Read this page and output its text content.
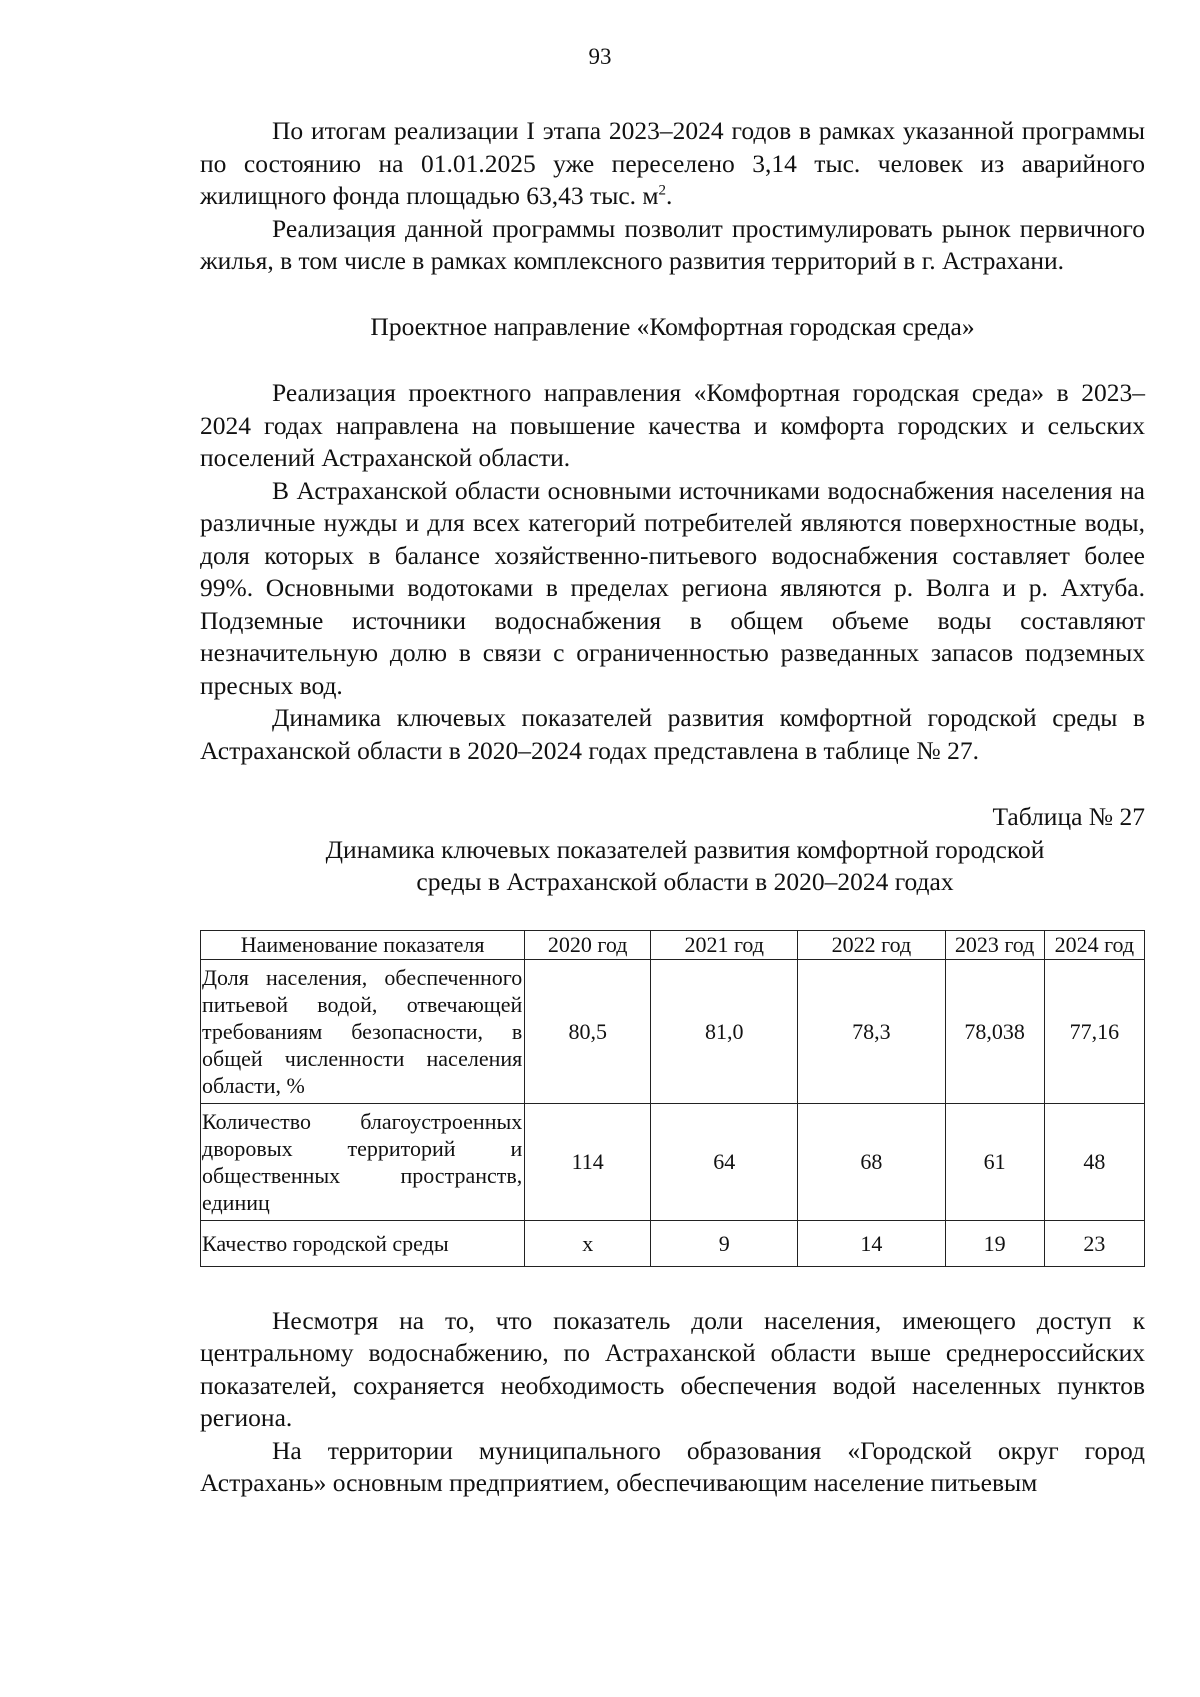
93

По итогам реализации I этапа 2023–2024 годов в рамках указанной программы по состоянию на 01.01.2025 уже переселено 3,14 тыс. человек из аварийного жилищного фонда площадью 63,43 тыс. $м^2$.

Реализация данной программы позволит простимулировать рынок первичного жилья, в том числе в рамках комплексного развития территорий в г. Астрахани.

Проектное направление «Комфортная городская среда»

Реализация проектного направления «Комфортная городская среда» в 2023–2024 годах направлена на повышение качества и комфорта городских и сельских поселений Астраханской области.

В Астраханской области основными источниками водоснабжения населения на различные нужды и для всех категорий потребителей являются поверхностные воды, доля которых в балансе хозяйственно-питьевого водоснабжения составляет более 99%. Основными водотоками в пределах региона являются р. Волга и р. Ахтуба. Подземные источники водоснабжения в общем объеме воды составляют незначительную долю в связи с ограниченностью разведанных запасов подземных пресных вод.

Динамика ключевых показателей развития комфортной городской среды в Астраханской области в 2020–2024 годах представлена в таблице № 27.

Таблица № 27
Динамика ключевых показателей развития комфортной городской
среды в Астраханской области в 2020–2024 годах
Наименование показателя	2020 год	2021 год	2022 год	2023 год	2024 год
Доля населения, обеспеченного питьевой водой, отвечающей требованиям безопасности, в общей численности населения области, %	80,5	81,0	78,3	78,038	77,16
Количество благоустроенных дворовых территорий и общественных пространств, единиц	114	64	68	61	48
Качество городской среды	х	9	14	19	23

Несмотря на то, что показатель доли населения, имеющего доступ к центральному водоснабжению, по Астраханской области выше среднероссийских показателей, сохраняется необходимость обеспечения водой населенных пунктов региона.

На территории муниципального образования «Городской округ город Астрахань» основным предприятием, обеспечивающим население питьевым
